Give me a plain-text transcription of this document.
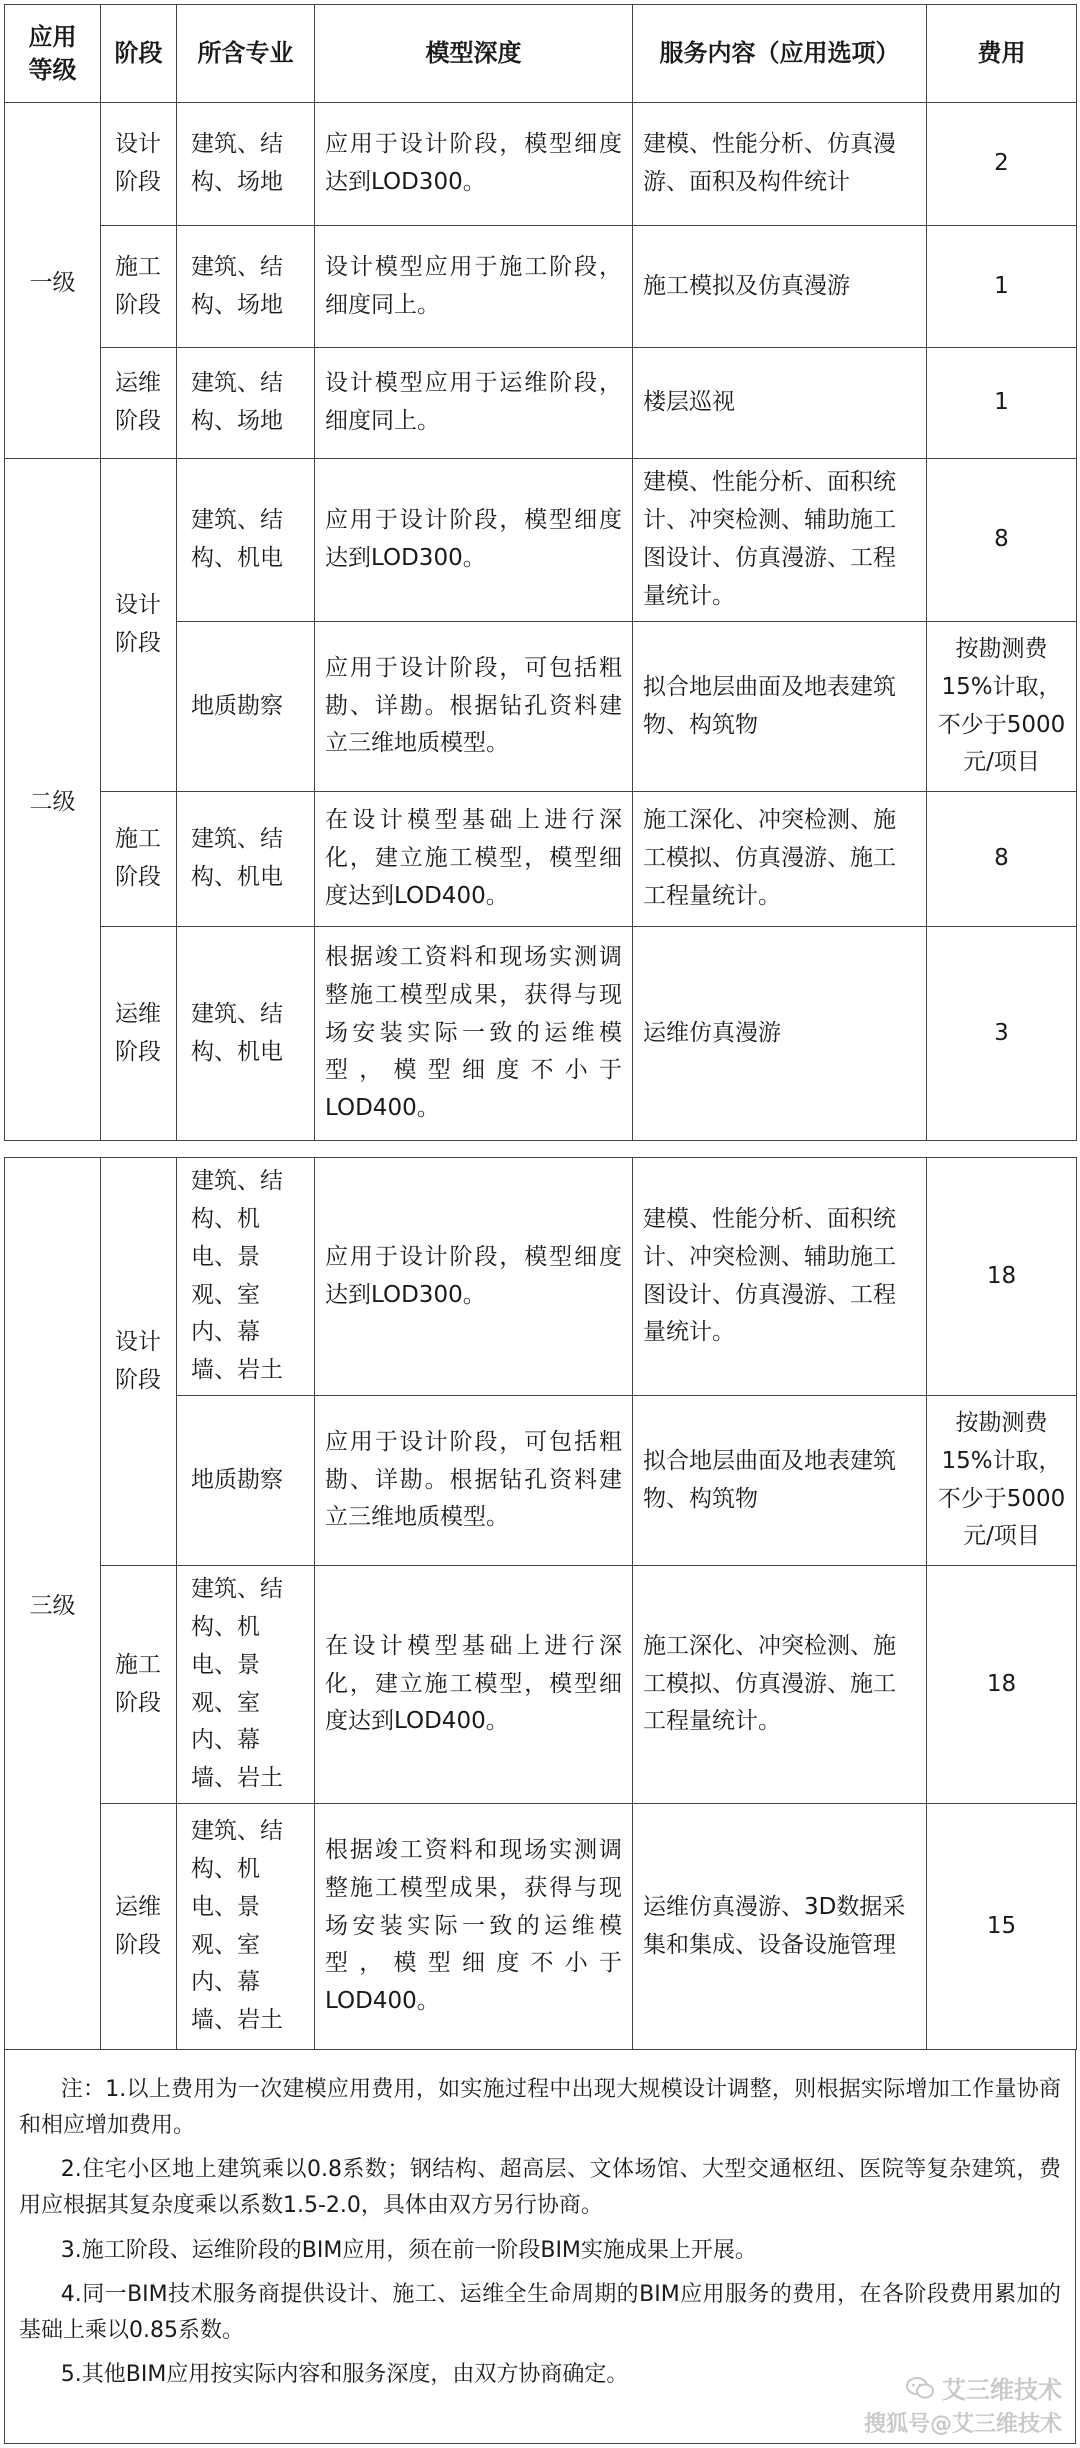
应用等级	阶段	所含专业	模型深度	服务内容（应用选项）	费用
一级	设计阶段	建筑、结构、场地	应用于设计阶段，模型细度达到LOD300。	建模、性能分析、仿真漫游、面积及构件统计	2
	施工阶段	建筑、结构、场地	设计模型应用于施工阶段，细度同上。	施工模拟及仿真漫游	1
	运维阶段	建筑、结构、场地	设计模型应用于运维阶段，细度同上。	楼层巡视	1
二级	设计阶段	建筑、结构、机电	应用于设计阶段，模型细度达到LOD300。	建模、性能分析、面积统计、冲突检测、辅助施工图设计、仿真漫游、工程量统计。	8
		地质勘察	应用于设计阶段，可包括粗勘、详勘。根据钻孔资料建立三维地质模型。	拟合地层曲面及地表建筑物、构筑物	按勘测费15%计取，不少于5000元/项目
	施工阶段	建筑、结构、机电	在设计模型基础上进行深化，建立施工模型，模型细度达到LOD400。	施工深化、冲突检测、施工模拟、仿真漫游、施工工程量统计。	8
	运维阶段	建筑、结构、机电	根据竣工资料和现场实测调整施工模型成果，获得与现场安装实际一致的运维模型，模型细度不小于LOD400。	运维仿真漫游	3
三级	设计阶段	建筑、结构、机电、景观、室内、幕墙、岩土	应用于设计阶段，模型细度达到LOD300。	建模、性能分析、面积统计、冲突检测、辅助施工图设计、仿真漫游、工程量统计。	18
		地质勘察	应用于设计阶段，可包括粗勘、详勘。根据钻孔资料建立三维地质模型。	拟合地层曲面及地表建筑物、构筑物	按勘测费15%计取，不少于5000元/项目
	施工阶段	建筑、结构、机电、景观、室内、幕墙、岩土	在设计模型基础上进行深化，建立施工模型，模型细度达到LOD400。	施工深化、冲突检测、施工模拟、仿真漫游、施工工程量统计。	18
	运维阶段	建筑、结构、机电、景观、室内、幕墙、岩土	根据竣工资料和现场实测调整施工模型成果，获得与现场安装实际一致的运维模型，模型细度不小于LOD400。	运维仿真漫游、3D数据采集和集成、设备设施管理	15

注：1.以上费用为一次建模应用费用，如实施过程中出现大规模设计调整，则根据实际增加工作量协商和相应增加费用。

2.住宅小区地上建筑乘以0.8系数；钢结构、超高层、文体场馆、大型交通枢纽、医院等复杂建筑，费用应根据其复杂度乘以系数1.5-2.0，具体由双方另行协商。

3.施工阶段、运维阶段的BIM应用，须在前一阶段BIM实施成果上开展。

4.同一BIM技术服务商提供设计、施工、运维全生命周期的BIM应用服务的费用，在各阶段费用累加的基础上乘以0.85系数。

5.其他BIM应用按实际内容和服务深度，由双方协商确定。

艾三维技术
搜狐号@艾三维技术
